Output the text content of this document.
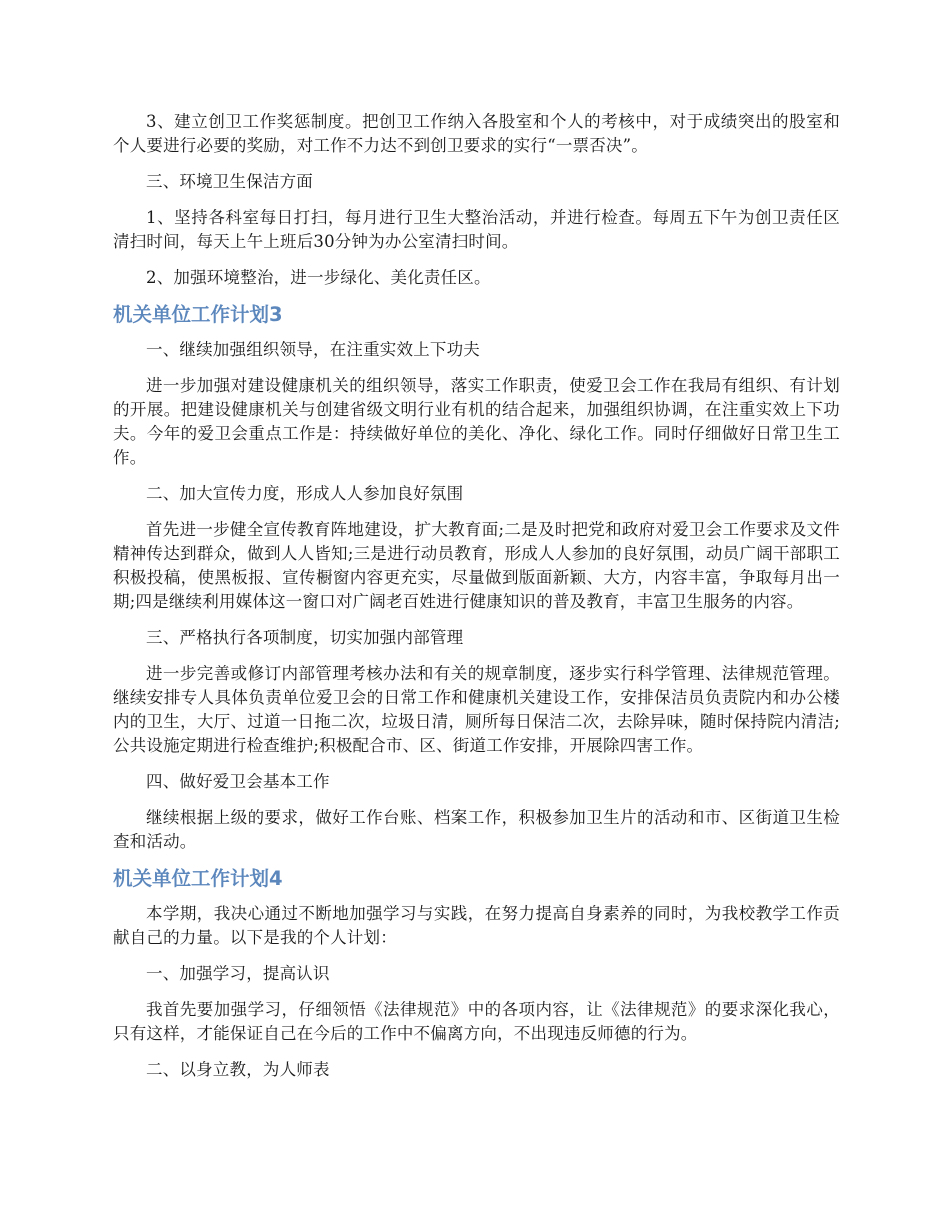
3、建立创卫工作奖惩制度。把创卫工作纳入各股室和个人的考核中，对于成绩突出的股室和个人要进行必要的奖励，对工作不力达不到创卫要求的实行“一票否决”。

三、环境卫生保洁方面

1、坚持各科室每日打扫，每月进行卫生大整治活动，并进行检查。每周五下午为创卫责任区清扫时间，每天上午上班后30分钟为办公室清扫时间。

2、加强环境整治，进一步绿化、美化责任区。

机关单位工作计划3

一、继续加强组织领导，在注重实效上下功夫

进一步加强对建设健康机关的组织领导，落实工作职责，使爱卫会工作在我局有组织、有计划的开展。把建设健康机关与创建省级文明行业有机的结合起来，加强组织协调，在注重实效上下功夫。今年的爱卫会重点工作是：持续做好单位的美化、净化、绿化工作。同时仔细做好日常卫生工作。

二、加大宣传力度，形成人人参加良好氛围

首先进一步健全宣传教育阵地建设，扩大教育面;二是及时把党和政府对爱卫会工作要求及文件精神传达到群众，做到人人皆知;三是进行动员教育，形成人人参加的良好氛围，动员广阔干部职工积极投稿，使黑板报、宣传橱窗内容更充实，尽量做到版面新颖、大方，内容丰富，争取每月出一期;四是继续利用媒体这一窗口对广阔老百姓进行健康知识的普及教育，丰富卫生服务的内容。

三、严格执行各项制度，切实加强内部管理

进一步完善或修订内部管理考核办法和有关的规章制度，逐步实行科学管理、法律规范管理。继续安排专人具体负责单位爱卫会的日常工作和健康机关建设工作，安排保洁员负责院内和办公楼内的卫生，大厅、过道一日拖二次，垃圾日清，厕所每日保洁二次，去除异味，随时保持院内清洁;公共设施定期进行检查维护;积极配合市、区、街道工作安排，开展除四害工作。

四、做好爱卫会基本工作

继续根据上级的要求，做好工作台账、档案工作，积极参加卫生片的活动和市、区街道卫生检查和活动。

机关单位工作计划4

本学期，我决心通过不断地加强学习与实践，在努力提高自身素养的同时，为我校教学工作贡献自己的力量。以下是我的个人计划：

一、加强学习，提高认识

我首先要加强学习，仔细领悟《法律规范》中的各项内容，让《法律规范》的要求深化我心，只有这样，才能保证自己在今后的工作中不偏离方向，不出现违反师德的行为。

二、以身立教，为人师表
